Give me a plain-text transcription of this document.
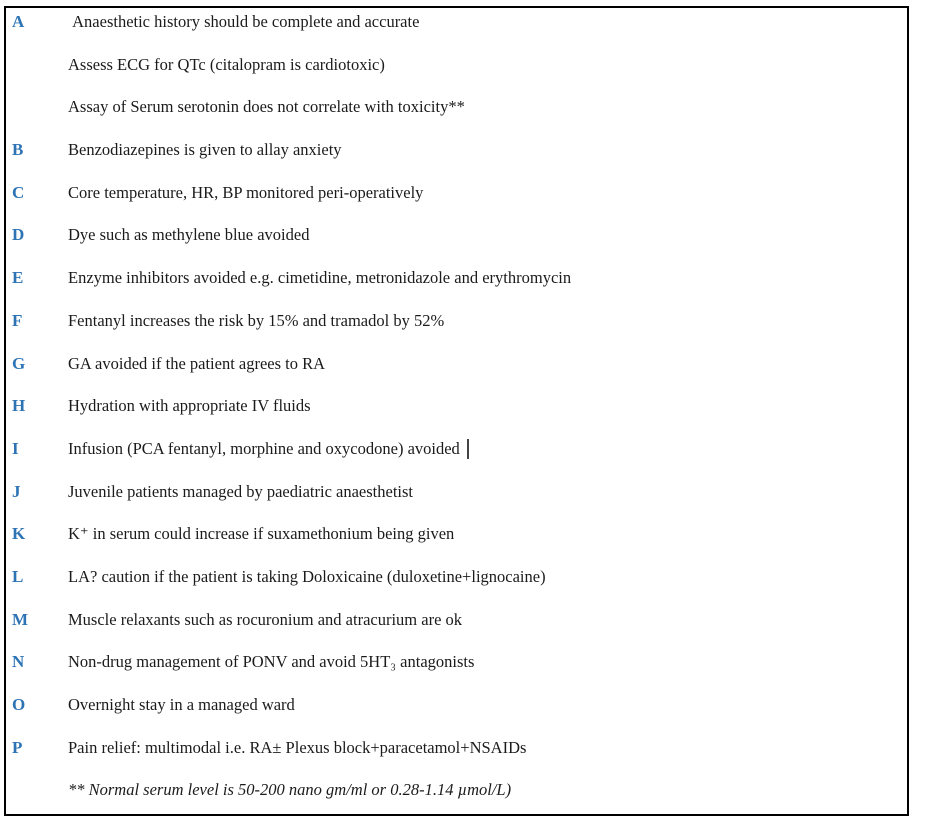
A	Anaesthetic history should be complete and accurate
Assess ECG for QTc (citalopram is cardiotoxic)
Assay of Serum serotonin does not correlate with toxicity**
B	Benzodiazepines is given to allay anxiety
C	Core temperature, HR, BP monitored peri-operatively
D	Dye such as methylene blue avoided
E	Enzyme inhibitors avoided e.g. cimetidine, metronidazole and erythromycin
F	Fentanyl increases the risk by 15% and tramadol by 52%
G	GA avoided if the patient agrees to RA
H	Hydration with appropriate IV fluids
I	Infusion (PCA fentanyl, morphine and oxycodone) avoided
J	Juvenile patients managed by paediatric anaesthetist
K	K⁺ in serum could increase if suxamethonium being given
L	LA? caution if the patient is taking Doloxicaine (duloxetine+lignocaine)
M	Muscle relaxants such as rocuronium and atracurium are ok
N	Non-drug management of PONV and avoid 5HT₃ antagonists
O	Overnight stay in a managed ward
P	Pain relief: multimodal i.e. RA± Plexus block+paracetamol+NSAIDs
** Normal serum level is 50-200 nano gm/ml or 0.28-1.14 µmol/L)
